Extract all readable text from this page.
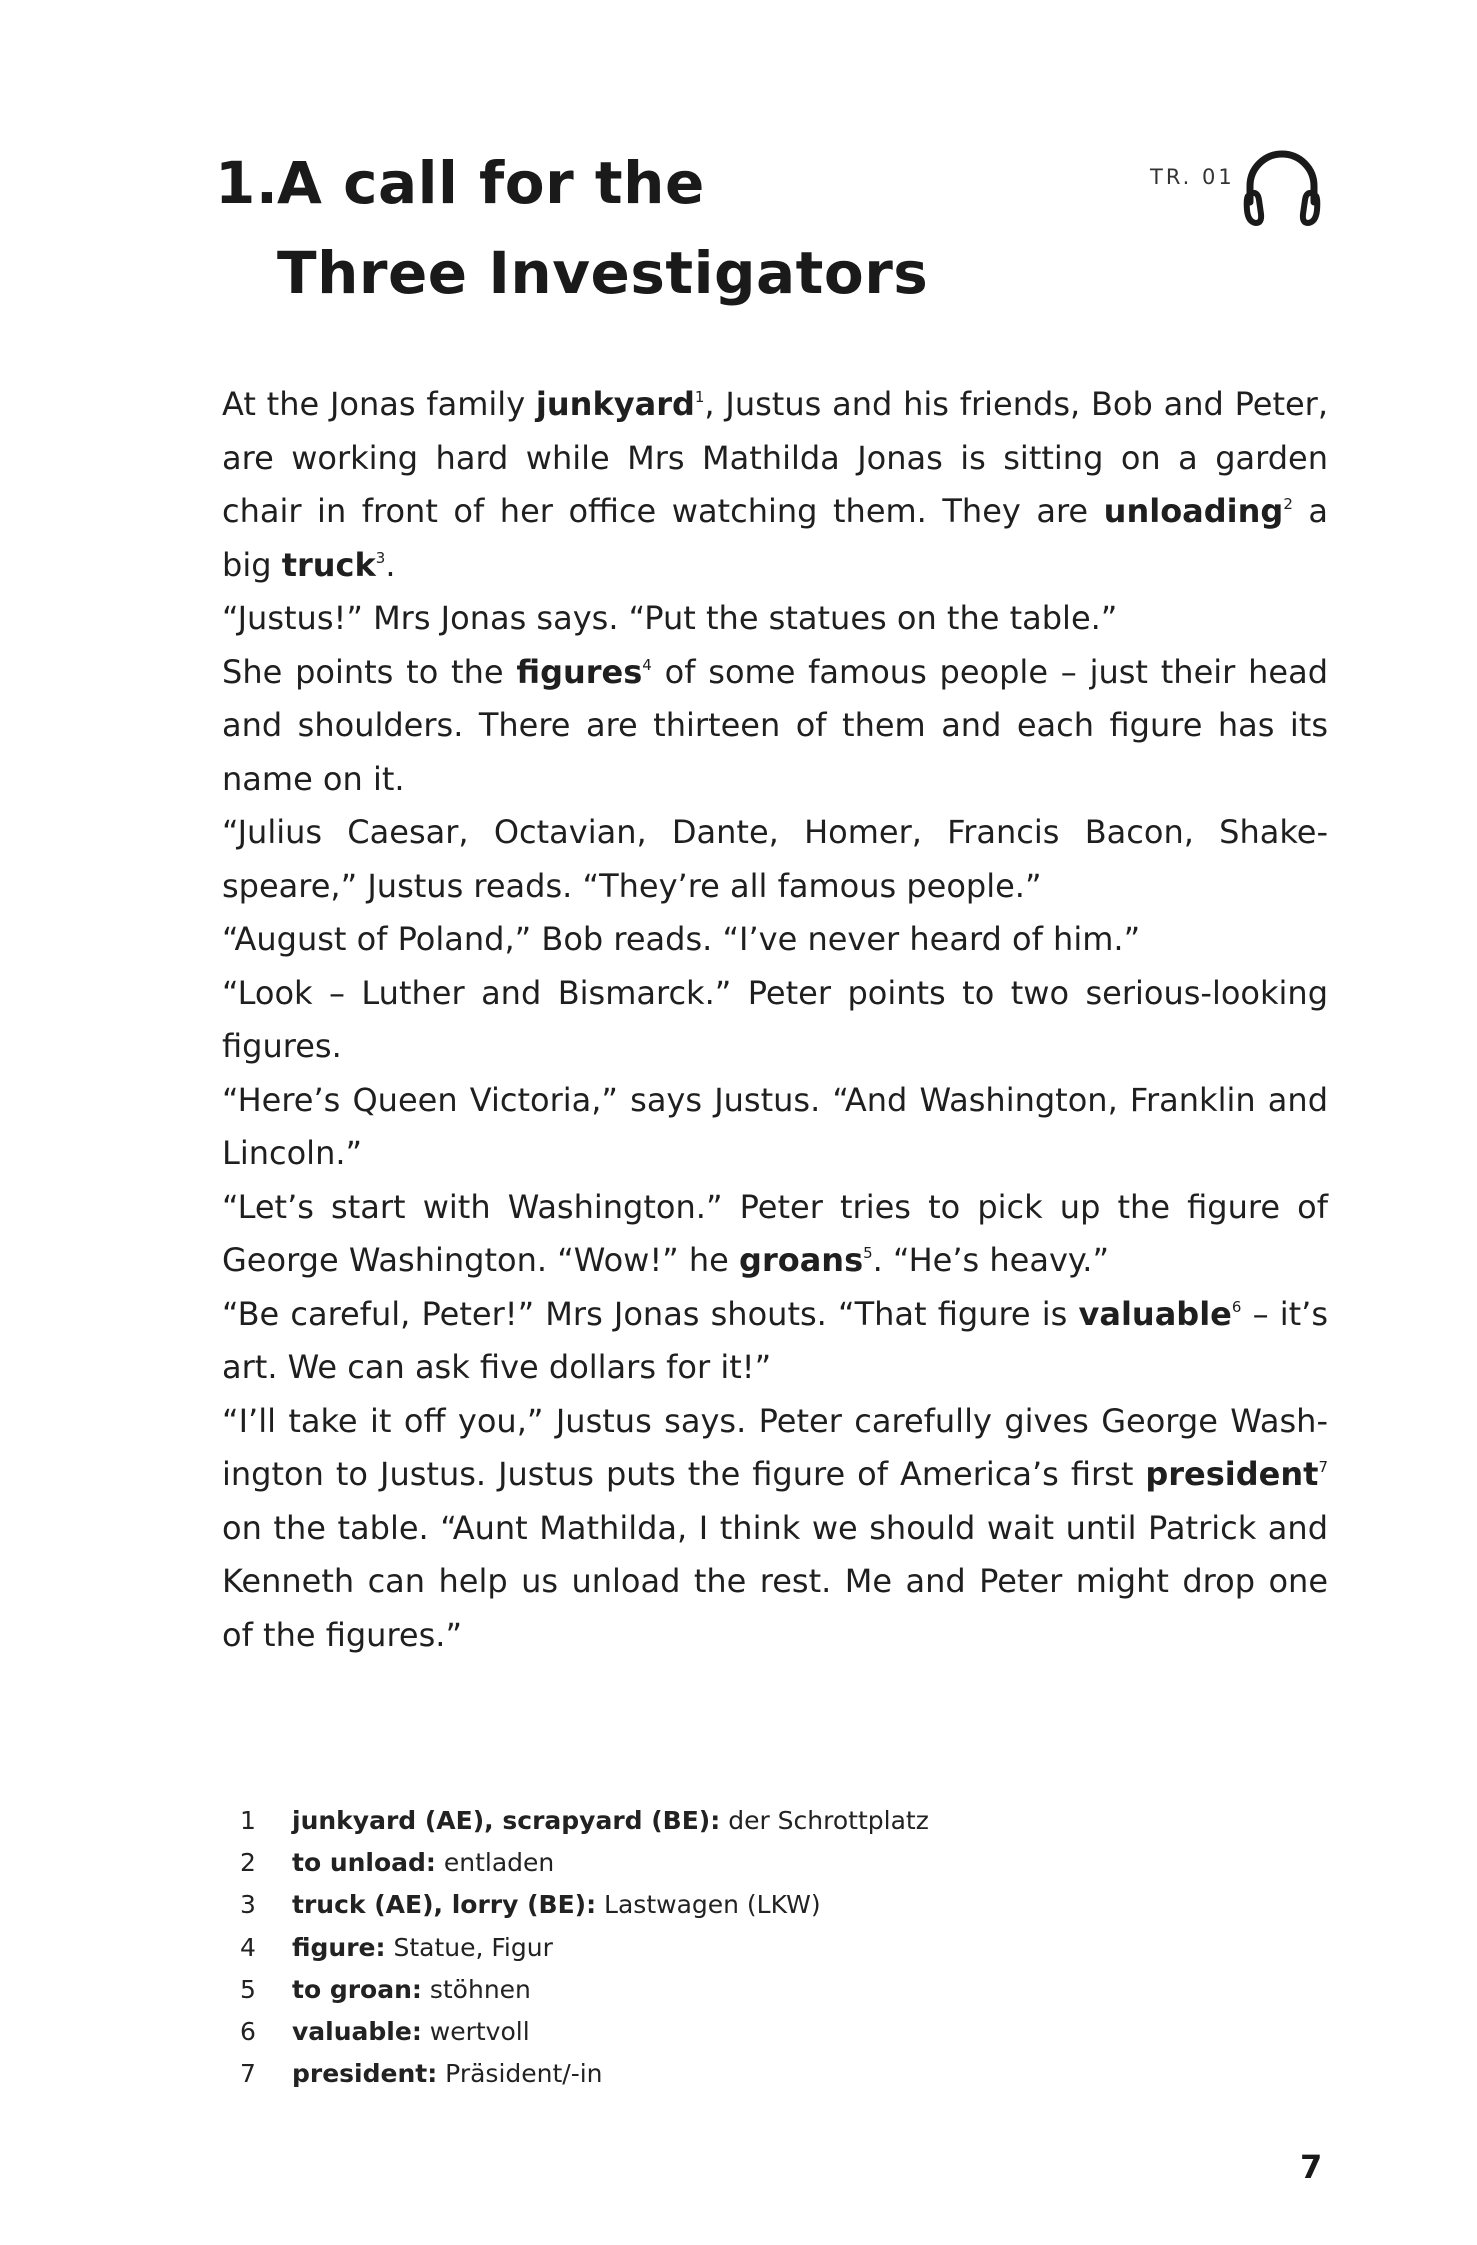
1.A call for the
Three Investigators
TR. 01

At the Jonas family junkyard$^1$, Justus and his friends, Bob and Peter, are working hard while Mrs Mathilda Jonas is sitting on a garden chair in front of her office watching them. They are unloading$^2$ a big truck$^3$.

“Justus!” Mrs Jonas says. “Put the statues on the table.”

She points to the figures$^4$ of some famous people – just their head and shoulders. There are thirteen of them and each figure has its name on it.

“Julius Caesar, Octavian, Dante, Homer, Francis Bacon, Shake-speare,” Justus reads. “They’re all famous people.”

“August of Poland,” Bob reads. “I’ve never heard of him.”

“Look – Luther and Bismarck.” Peter points to two serious-looking figures.

“Here’s Queen Victoria,” says Justus. “And Washington, Franklin and Lincoln.”

“Let’s start with Washington.” Peter tries to pick up the figure of George Washington. “Wow!” he groans$^5$. “He’s heavy.”

“Be careful, Peter!” Mrs Jonas shouts. “That figure is valuable$^6$ – it’s art. We can ask five dollars for it!”

“I’ll take it off you,” Justus says. Peter carefully gives George Wash-ington to Justus. Justus puts the figure of America’s first president$^7$ on the table. “Aunt Mathilda, I think we should wait until Patrick and Kenneth can help us unload the rest. Me and Peter might drop one of the figures.”

1	junkyard (AE), scrapyard (BE): der Schrottplatz
2	to unload: entladen
3	truck (AE), lorry (BE): Lastwagen (LKW)
4	figure: Statue, Figur
5	to groan: stöhnen
6	valuable: wertvoll
7	president: Präsident/-in
7
